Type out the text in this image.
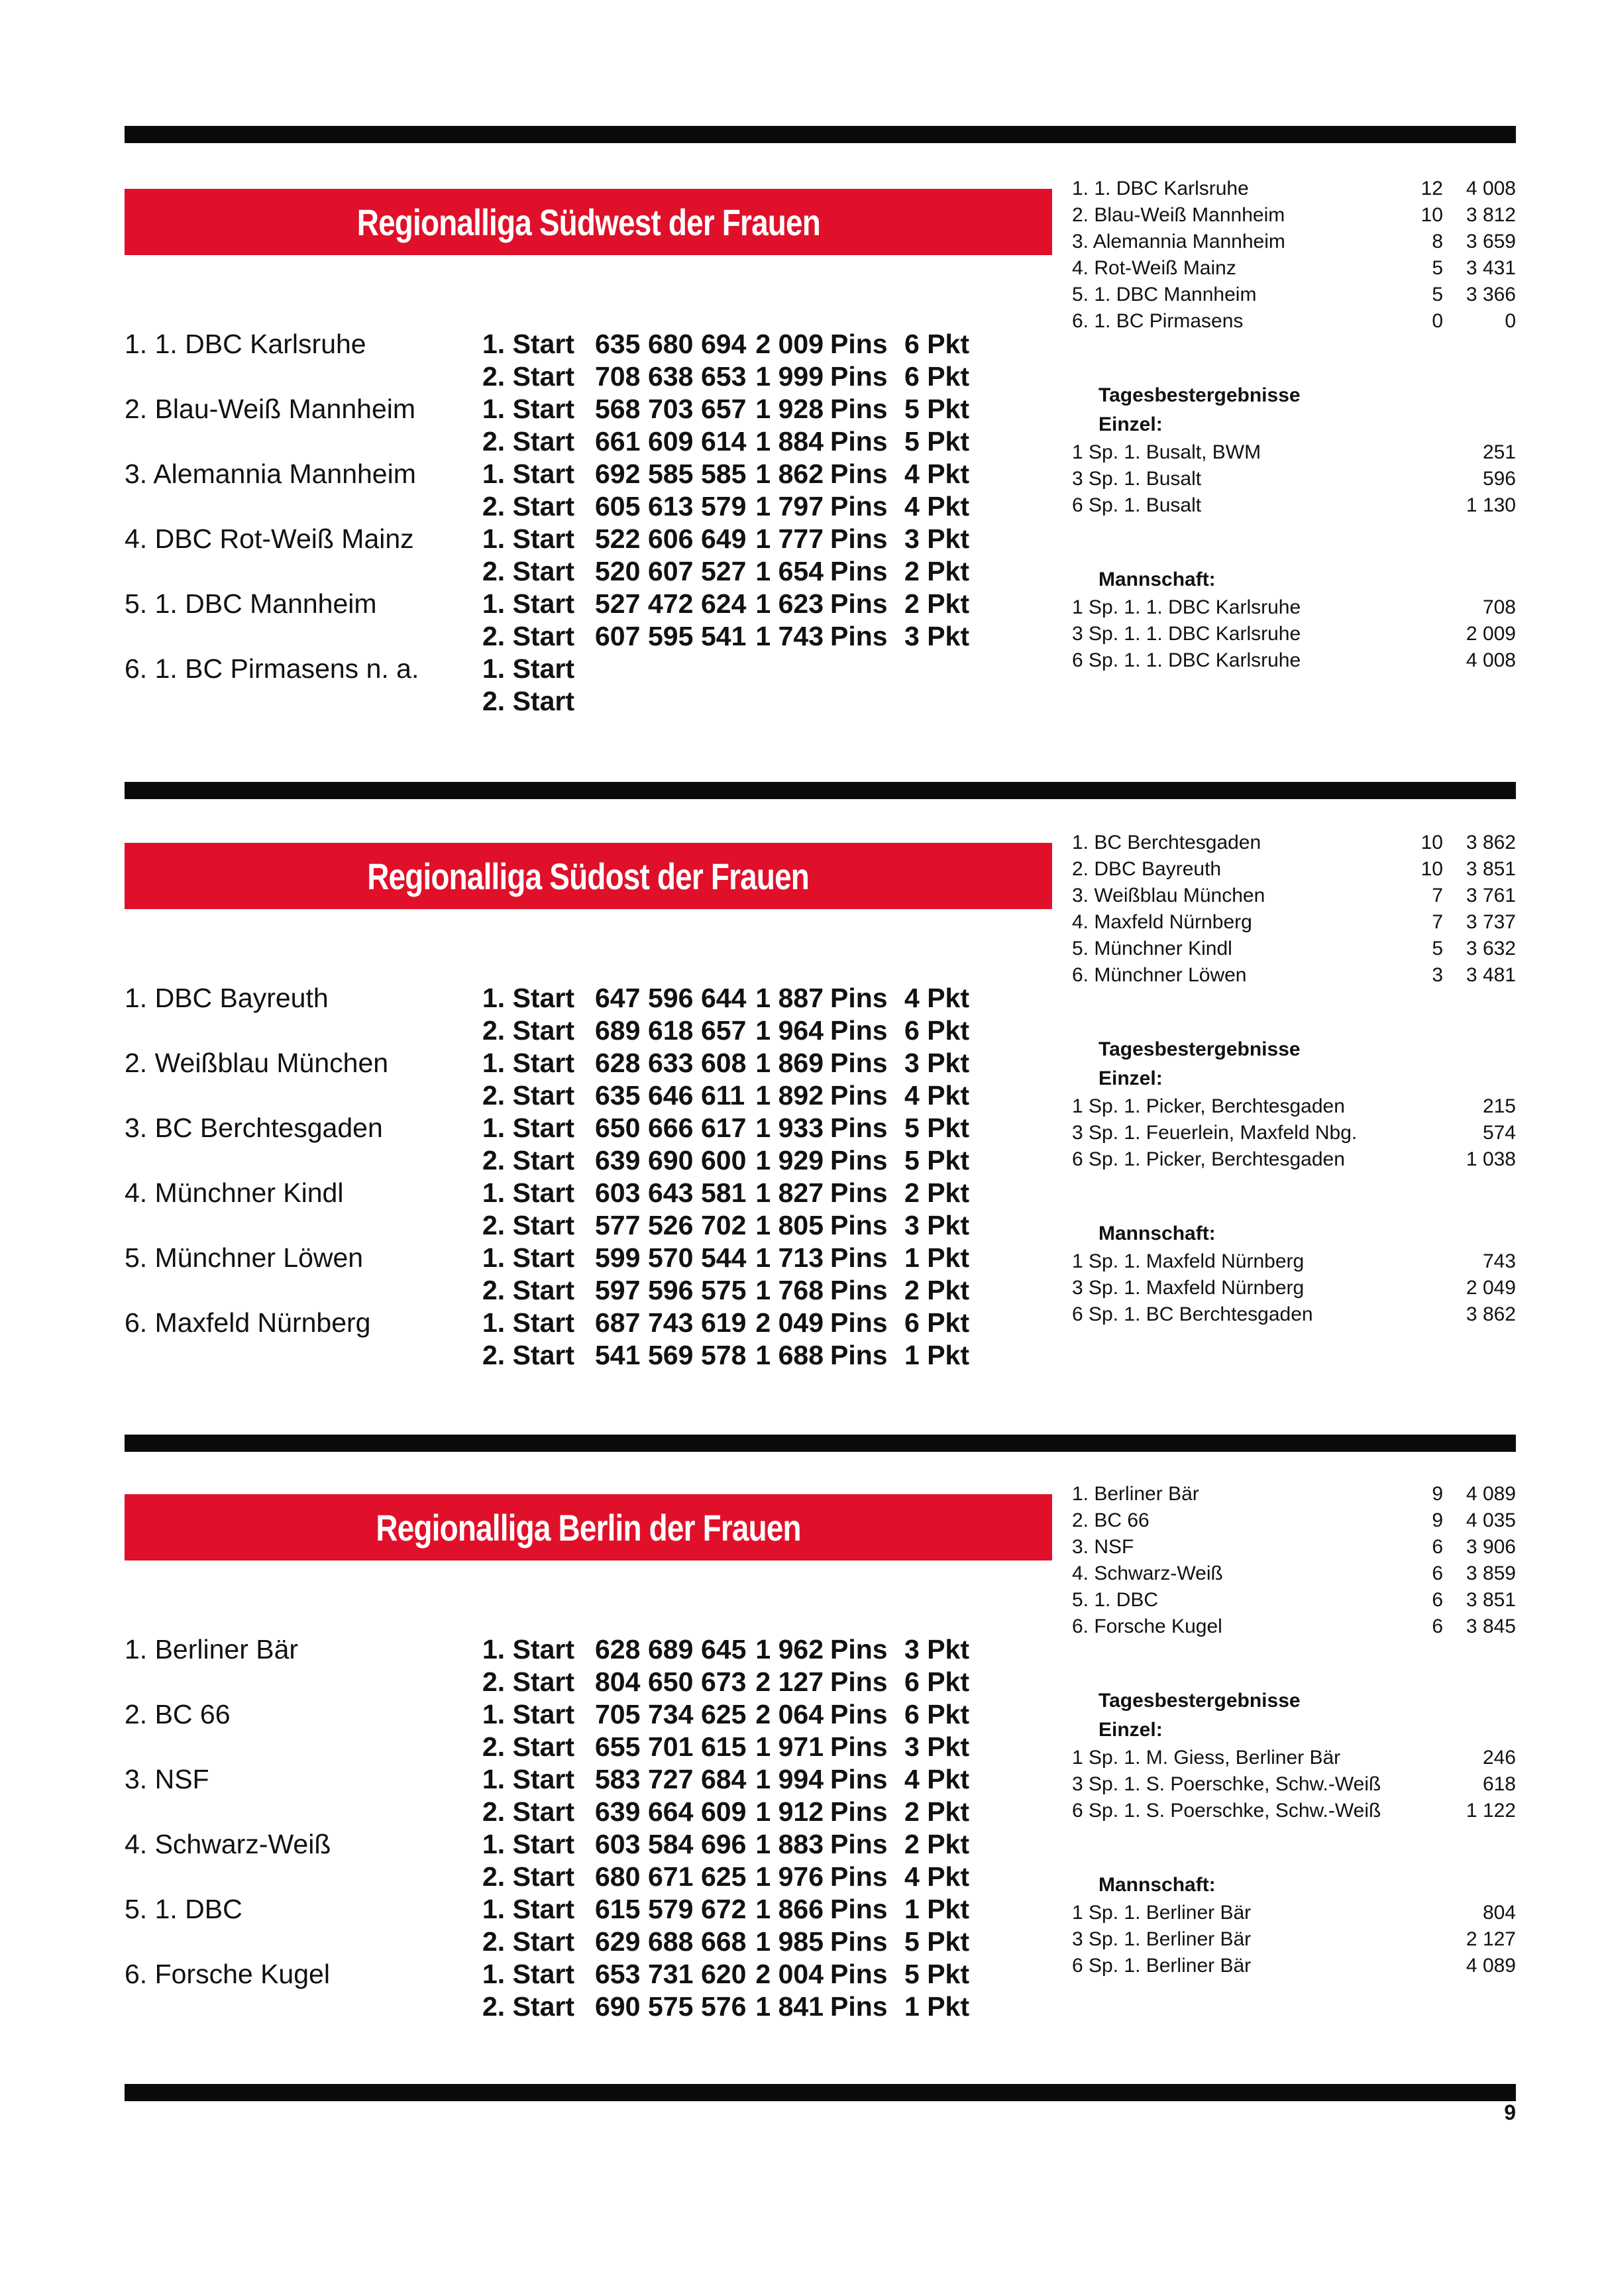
Regionalliga Südwest der Frauen
1. 1. DBC Karlsruhe	1. Start 635 680 694 2 009 Pins 6 Pkt
2. Start 708 638 653 1 999 Pins 6 Pkt
2. Blau-Weiß Mannheim	1. Start 568 703 657 1 928 Pins 5 Pkt
2. Start 661 609 614 1 884 Pins 5 Pkt
3. Alemannia Mannheim	1. Start 692 585 585 1 862 Pins 4 Pkt
2. Start 605 613 579 1 797 Pins 4 Pkt
4. DBC Rot-Weiß Mainz	1. Start 522 606 649 1 777 Pins 3 Pkt
2. Start 520 607 527 1 654 Pins 2 Pkt
5. 1. DBC Mannheim	1. Start 527 472 624 1 623 Pins 2 Pkt
2. Start 607 595 541 1 743 Pins 3 Pkt
6. 1. BC Pirmasens n. a.	1. Start
2. Start
1. 1. DBC Karlsruhe	12	4 008
2. Blau-Weiß Mannheim	10	3 812
3. Alemannia Mannheim	8	3 659
4. Rot-Weiß Mainz	5	3 431
5. 1. DBC Mannheim	5	3 366
6. 1. BC Pirmasens	0	0
Tagesbestergebnisse
Einzel:
1 Sp. 1. Busalt, BWM	251
3 Sp. 1. Busalt	596
6 Sp. 1. Busalt	1 130
Mannschaft:
1 Sp. 1. 1. DBC Karlsruhe	708
3 Sp. 1. 1. DBC Karlsruhe	2 009
6 Sp. 1. 1. DBC Karlsruhe	4 008
Regionalliga Südost der Frauen
1. DBC Bayreuth	1. Start 647 596 644 1 887 Pins 4 Pkt
2. Start 689 618 657 1 964 Pins 6 Pkt
2. Weißblau München	1. Start 628 633 608 1 869 Pins 3 Pkt
2. Start 635 646 611 1 892 Pins 4 Pkt
3. BC Berchtesgaden	1. Start 650 666 617 1 933 Pins 5 Pkt
2. Start 639 690 600 1 929 Pins 5 Pkt
4. Münchner Kindl	1. Start 603 643 581 1 827 Pins 2 Pkt
2. Start 577 526 702 1 805 Pins 3 Pkt
5. Münchner Löwen	1. Start 599 570 544 1 713 Pins 1 Pkt
2. Start 597 596 575 1 768 Pins 2 Pkt
6. Maxfeld Nürnberg	1. Start 687 743 619 2 049 Pins 6 Pkt
2. Start 541 569 578 1 688 Pins 1 Pkt
1. BC Berchtesgaden	10	3 862
2. DBC Bayreuth	10	3 851
3. Weißblau München	7	3 761
4. Maxfeld Nürnberg	7	3 737
5. Münchner Kindl	5	3 632
6. Münchner Löwen	3	3 481
Tagesbestergebnisse
Einzel:
1 Sp. 1. Picker, Berchtesgaden	215
3 Sp. 1. Feuerlein, Maxfeld Nbg.	574
6 Sp. 1. Picker, Berchtesgaden	1 038
Mannschaft:
1 Sp. 1. Maxfeld Nürnberg	743
3 Sp. 1. Maxfeld Nürnberg	2 049
6 Sp. 1. BC Berchtesgaden	3 862
Regionalliga Berlin der Frauen
1. Berliner Bär	1. Start 628 689 645 1 962 Pins 3 Pkt
2. Start 804 650 673 2 127 Pins 6 Pkt
2. BC 66	1. Start 705 734 625 2 064 Pins 6 Pkt
2. Start 655 701 615 1 971 Pins 3 Pkt
3. NSF	1. Start 583 727 684 1 994 Pins 4 Pkt
2. Start 639 664 609 1 912 Pins 2 Pkt
4. Schwarz-Weiß	1. Start 603 584 696 1 883 Pins 2 Pkt
2. Start 680 671 625 1 976 Pins 4 Pkt
5. 1. DBC	1. Start 615 579 672 1 866 Pins 1 Pkt
2. Start 629 688 668 1 985 Pins 5 Pkt
6. Forsche Kugel	1. Start 653 731 620 2 004 Pins 5 Pkt
2. Start 690 575 576 1 841 Pins 1 Pkt
1. Berliner Bär	9	4 089
2. BC 66	9	4 035
3. NSF	6	3 906
4. Schwarz-Weiß	6	3 859
5. 1. DBC	6	3 851
6. Forsche Kugel	6	3 845
Tagesbestergebnisse
Einzel:
1 Sp. 1. M. Giess, Berliner Bär	246
3 Sp. 1. S. Poerschke, Schw.-Weiß	618
6 Sp. 1. S. Poerschke, Schw.-Weiß	1 122
Mannschaft:
1 Sp. 1. Berliner Bär	804
3 Sp. 1. Berliner Bär	2 127
6 Sp. 1. Berliner Bär	4 089
9
